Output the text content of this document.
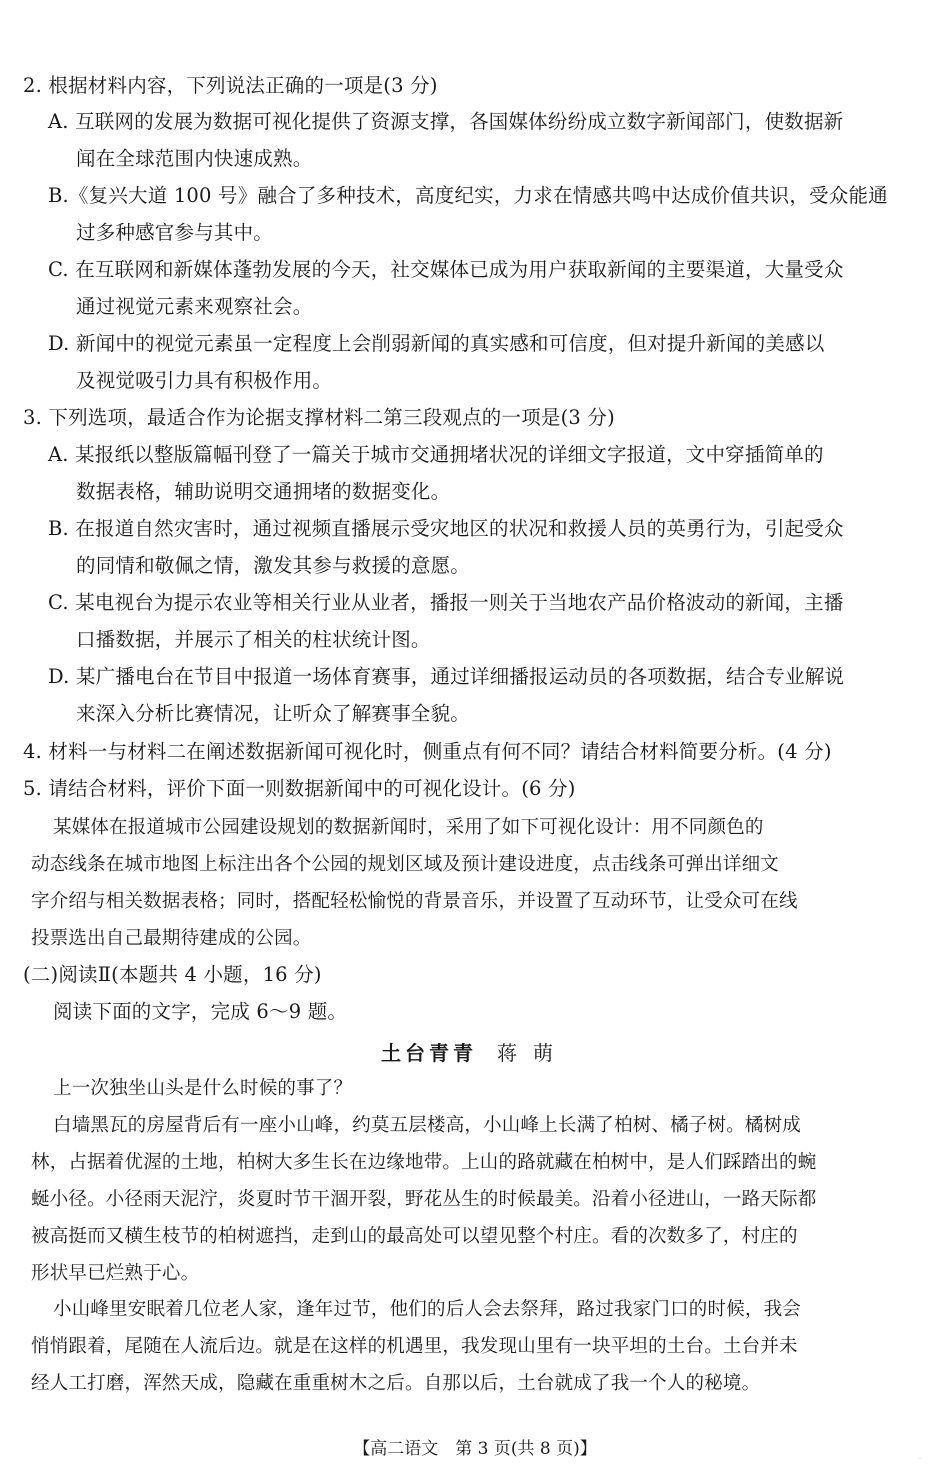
2. 根据材料内容，下列说法正确的一项是(3 分)
A. 互联网的发展为数据可视化提供了资源支撑，各国媒体纷纷成立数字新闻部门，使数据新
闻在全球范围内快速成熟。
B.《复兴大道 100 号》融合了多种技术，高度纪实，力求在情感共鸣中达成价值共识，受众能通
过多种感官参与其中。
C. 在互联网和新媒体蓬勃发展的今天，社交媒体已成为用户获取新闻的主要渠道，大量受众
通过视觉元素来观察社会。
D. 新闻中的视觉元素虽一定程度上会削弱新闻的真实感和可信度，但对提升新闻的美感以
及视觉吸引力具有积极作用。
3. 下列选项，最适合作为论据支撑材料二第三段观点的一项是(3 分)
A. 某报纸以整版篇幅刊登了一篇关于城市交通拥堵状况的详细文字报道，文中穿插简单的
数据表格，辅助说明交通拥堵的数据变化。
B. 在报道自然灾害时，通过视频直播展示受灾地区的状况和救援人员的英勇行为，引起受众
的同情和敬佩之情，激发其参与救援的意愿。
C. 某电视台为提示农业等相关行业从业者，播报一则关于当地农产品价格波动的新闻，主播
口播数据，并展示了相关的柱状统计图。
D. 某广播电台在节目中报道一场体育赛事，通过详细播报运动员的各项数据，结合专业解说
来深入分析比赛情况，让听众了解赛事全貌。
4. 材料一与材料二在阐述数据新闻可视化时，侧重点有何不同？请结合材料简要分析。(4 分)
5. 请结合材料，评价下面一则数据新闻中的可视化设计。(6 分)
某媒体在报道城市公园建设规划的数据新闻时，采用了如下可视化设计：用不同颜色的
动态线条在城市地图上标注出各个公园的规划区域及预计建设进度，点击线条可弹出详细文
字介绍与相关数据表格；同时，搭配轻松愉悦的背景音乐，并设置了互动环节，让受众可在线
投票选出自己最期待建成的公园。
(二)阅读Ⅱ(本题共 4 小题，16 分)
阅读下面的文字，完成 6～9 题。
土台青青 蒋萌
上一次独坐山头是什么时候的事了？
白墙黑瓦的房屋背后有一座小山峰，约莫五层楼高，小山峰上长满了柏树、橘子树。橘树成
林，占据着优渥的土地，柏树大多生长在边缘地带。上山的路就藏在柏树中，是人们踩踏出的蜿
蜒小径。小径雨天泥泞，炎夏时节干涸开裂，野花丛生的时候最美。沿着小径进山，一路天际都
被高挺而又横生枝节的柏树遮挡，走到山的最高处可以望见整个村庄。看的次数多了，村庄的
形状早已烂熟于心。
小山峰里安眠着几位老人家，逢年过节，他们的后人会去祭拜，路过我家门口的时候，我会
悄悄跟着，尾随在人流后边。就是在这样的机遇里，我发现山里有一块平坦的土台。土台并未
经人工打磨，浑然天成，隐藏在重重树木之后。自那以后，土台就成了我一个人的秘境。
【高二语文　第 3 页(共 8 页)】	..
